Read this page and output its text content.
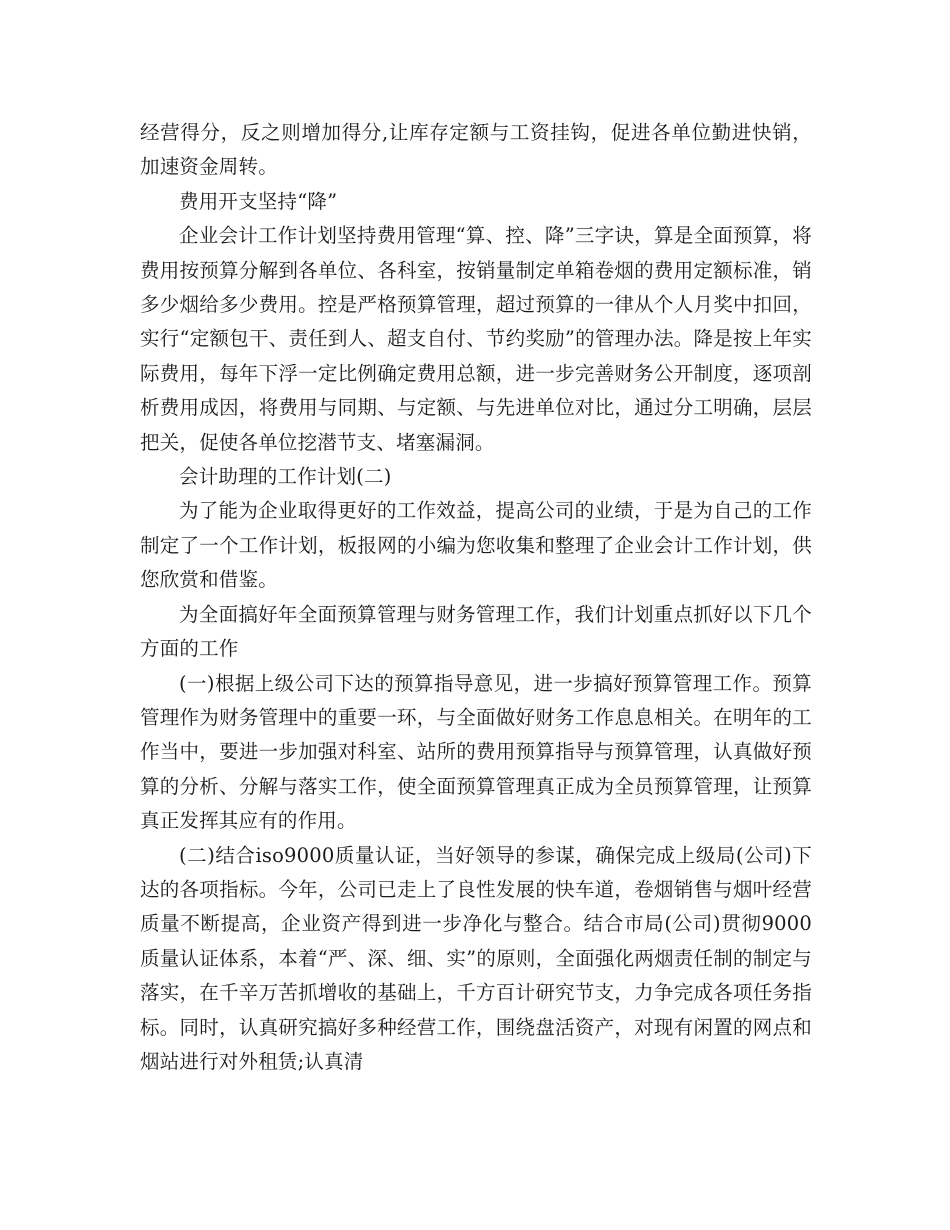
经营得分，反之则增加得分,让库存定额与工资挂钩，促进各单位勤进快销，加速资金周转。

费用开支坚持“降”

企业会计工作计划坚持费用管理“算、控、降”三字诀，算是全面预算，将费用按预算分解到各单位、各科室，按销量制定单箱卷烟的费用定额标准，销多少烟给多少费用。控是严格预算管理，超过预算的一律从个人月奖中扣回，实行“定额包干、责任到人、超支自付、节约奖励”的管理办法。降是按上年实际费用，每年下浮一定比例确定费用总额，进一步完善财务公开制度，逐项剖析费用成因，将费用与同期、与定额、与先进单位对比，通过分工明确，层层把关，促使各单位挖潜节支、堵塞漏洞。

会计助理的工作计划(二)

为了能为企业取得更好的工作效益，提高公司的业绩，于是为自己的工作制定了一个工作计划，板报网的小编为您收集和整理了企业会计工作计划，供您欣赏和借鉴。

为全面搞好年全面预算管理与财务管理工作，我们计划重点抓好以下几个方面的工作

(一)根据上级公司下达的预算指导意见，进一步搞好预算管理工作。预算管理作为财务管理中的重要一环，与全面做好财务工作息息相关。在明年的工作当中，要进一步加强对科室、站所的费用预算指导与预算管理，认真做好预算的分析、分解与落实工作，使全面预算管理真正成为全员预算管理，让预算真正发挥其应有的作用。

(二)结合iso9000质量认证，当好领导的参谋，确保完成上级局(公司)下达的各项指标。今年，公司已走上了良性发展的快车道，卷烟销售与烟叶经营质量不断提高，企业资产得到进一步净化与整合。结合市局(公司)贯彻9000质量认证体系，本着“严、深、细、实”的原则，全面强化两烟责任制的制定与落实，在千辛万苦抓增收的基础上，千方百计研究节支，力争完成各项任务指标。同时，认真研究搞好多种经营工作，围绕盘活资产，对现有闲置的网点和烟站进行对外租赁;认真清
